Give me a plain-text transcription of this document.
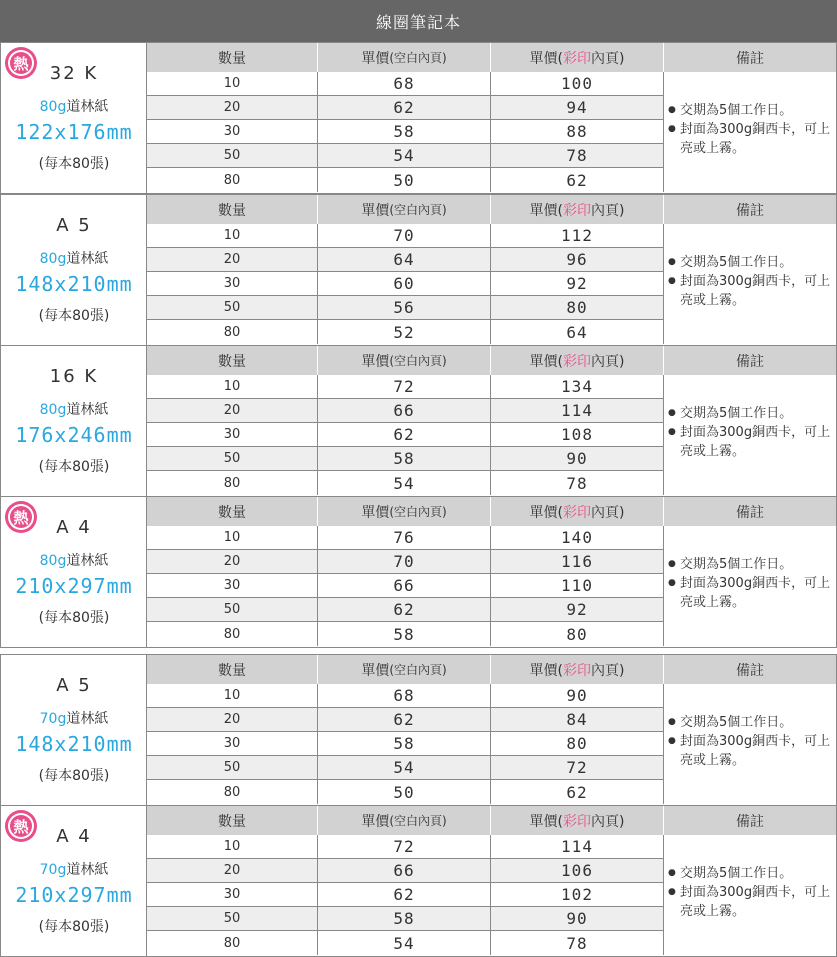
線圈筆記本
熱	32 K
80g道林紙
122x176mm
(每本80張)
數量	單價 (空白內頁)	單價( 彩印 內頁)	備註
10	68	100
20	62	94
30	58	88
50	54	78
80	50	62
● 交期為5個工作日。
● 封面為300g銅西卡，可上亮或上霧。
A 5
80g道林紙
148x210mm
(每本80張)
數量	單價 (空白內頁)	單價( 彩印 內頁)	備註
10	70	112
20	64	96
30	60	92
50	56	80
80	52	64
● 交期為5個工作日。
● 封面為300g銅西卡，可上亮或上霧。
16 K
80g道林紙
176x246mm
(每本80張)
數量	單價 (空白內頁)	單價( 彩印 內頁)	備註
10	72	134
20	66	114
30	62	108
50	58	90
80	54	78
● 交期為5個工作日。
● 封面為300g銅西卡，可上亮或上霧。
熱	A 4
80g道林紙
210x297mm
(每本80張)
數量	單價 (空白內頁)	單價( 彩印 內頁)	備註
10	76	140
20	70	116
30	66	110
50	62	92
80	58	80
● 交期為5個工作日。
● 封面為300g銅西卡，可上亮或上霧。
A 5
70g道林紙
148x210mm
(每本80張)
數量	單價 (空白內頁)	單價( 彩印 內頁)	備註
10	68	90
20	62	84
30	58	80
50	54	72
80	50	62
● 交期為5個工作日。
● 封面為300g銅西卡，可上亮或上霧。
熱	A 4
70g道林紙
210x297mm
(每本80張)
數量	單價 (空白內頁)	單價( 彩印 內頁)	備註
10	72	114
20	66	106
30	62	102
50	58	90
80	54	78
● 交期為5個工作日。
● 封面為300g銅西卡，可上亮或上霧。
